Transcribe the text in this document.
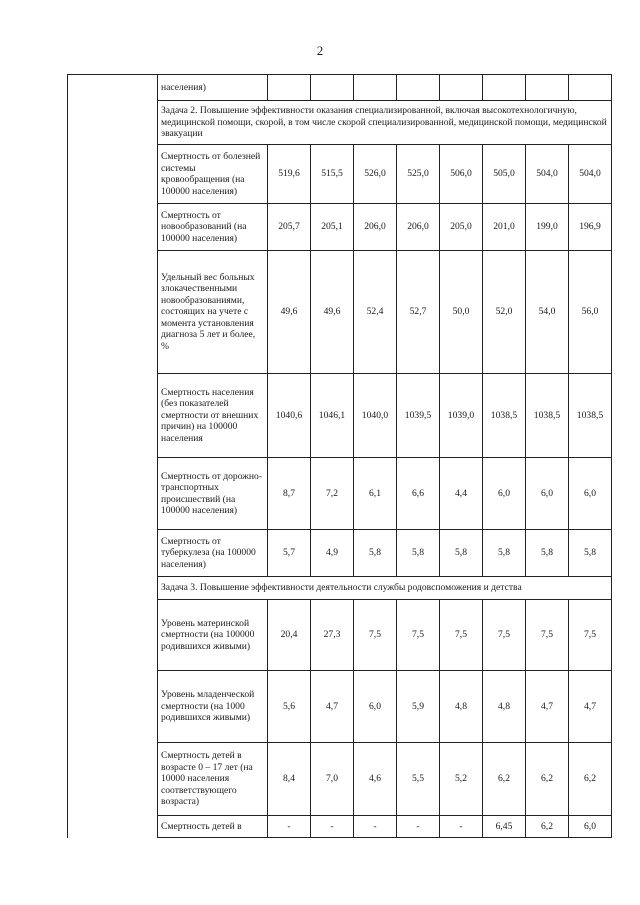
2
	населения)								
	Задача 2. Повышение эффективности оказания специализированной, включая высокотехнологичную, медицинской помощи, скорой, в том числе скорой специализированной, медицинской помощи, медицинской эвакуации								
	Смертность от болезней системы кровообращения (на 100000 населения)	519,6	515,5	526,0	525,0	506,0	505,0	504,0	504,0
	Смертность от новообразований (на 100000 населения)	205,7	205,1	206,0	206,0	205,0	201,0	199,0	196,9
	Удельный вес больных злокачественными новообразованиями, состоящих на учете с момента установления диагноза 5 лет и более, %	49,6	49,6	52,4	52,7	50,0	52,0	54,0	56,0
	Смертность населения (без показателей смертности от внешних причин) на 100000 населения	1040,6	1046,1	1040,0	1039,5	1039,0	1038,5	1038,5	1038,5
	Смертность от дорожно-транспортных происшествий (на 100000 населения)	8,7	7,2	6,1	6,6	4,4	6,0	6,0	6,0
	Смертность от туберкулеза (на 100000 населения)	5,7	4,9	5,8	5,8	5,8	5,8	5,8	5,8
	Задача 3. Повышение эффективности деятельности службы родовспоможения и детства								
	Уровень материнской смертности (на 100000 родившихся живыми)	20,4	27,3	7,5	7,5	7,5	7,5	7,5	7,5
	Уровень младенческой смертности (на 1000 родившихся живыми)	5,6	4,7	6,0	5,9	4,8	4,8	4,7	4,7
	Смертность детей в возрасте 0 – 17 лет (на 10000 населения соответствующего возраста)	8,4	7,0	4,6	5,5	5,2	6,2	6,2	6,2
	Смертность детей в	-	-	-	-	-	6,45	6,2	6,0
